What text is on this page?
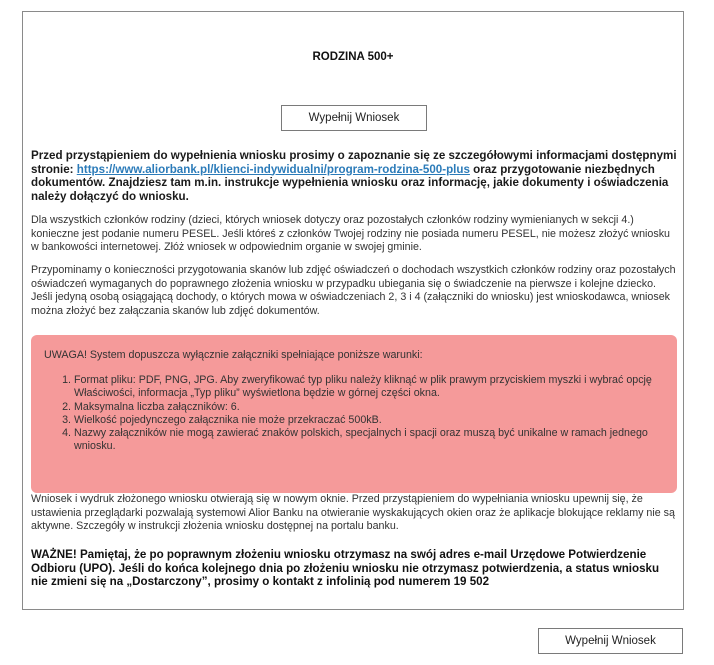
RODZINA 500+
Wypełnij Wniosek

Przed przystąpieniem do wypełnienia wniosku prosimy o zapoznanie się ze szczegółowymi informacjami dostępnymi stronie: https://www.aliorbank.pl/klienci-indywidualni/program-rodzina-500-plus oraz przygotowanie niezbędnych dokumentów. Znajdziesz tam m.in. instrukcje wypełnienia wniosku oraz informację, jakie dokumenty i oświadczenia należy dołączyć do wniosku.

Dla wszystkich członków rodziny (dzieci, których wniosek dotyczy oraz pozostałych członków rodziny wymienianych w sekcji 4.) konieczne jest podanie numeru PESEL. Jeśli któreś z członków Twojej rodziny nie posiada numeru PESEL, nie możesz złożyć wniosku w bankowości internetowej. Złóż wniosek w odpowiednim organie w swojej gminie.

Przypominamy o konieczności przygotowania skanów lub zdjęć oświadczeń o dochodach wszystkich członków rodziny oraz pozostałych oświadczeń wymaganych do poprawnego złożenia wniosku w przypadku ubiegania się o świadczenie na pierwsze i kolejne dziecko. Jeśli jedyną osobą osiągającą dochody, o których mowa w oświadczeniach 2, 3 i 4 (załączniki do wniosku) jest wnioskodawca, wniosek można złożyć bez załączania skanów lub zdjęć dokumentów.

UWAGA! System dopuszcza wyłącznie załączniki spełniające poniższe warunki:
1. Format pliku: PDF, PNG, JPG. Aby zweryfikować typ pliku należy kliknąć w plik prawym przyciskiem myszki i wybrać opcję Właściwości, informacja „Typ pliku” wyświetlona będzie w górnej części okna.
2. Maksymalna liczba załączników: 6.
3. Wielkość pojedynczego załącznika nie może przekraczać 500kB.
4. Nazwy załączników nie mogą zawierać znaków polskich, specjalnych i spacji oraz muszą być unikalne w ramach jednego wniosku.

Wniosek i wydruk złożonego wniosku otwierają się w nowym oknie. Przed przystąpieniem do wypełniania wniosku upewnij się, że ustawienia przeglądarki pozwalają systemowi Alior Banku na otwieranie wyskakujących okien oraz że aplikacje blokujące reklamy nie są aktywne. Szczegóły w instrukcji złożenia wniosku dostępnej na portalu banku.

WAŻNE! Pamiętaj, że po poprawnym złożeniu wniosku otrzymasz na swój adres e-mail Urzędowe Potwierdzenie Odbioru (UPO). Jeśli do końca kolejnego dnia po złożeniu wniosku nie otrzymasz potwierdzenia, a status wniosku nie zmieni się na „Dostarczony”, prosimy o kontakt z infolinią pod numerem 19 502

Wypełnij Wniosek
